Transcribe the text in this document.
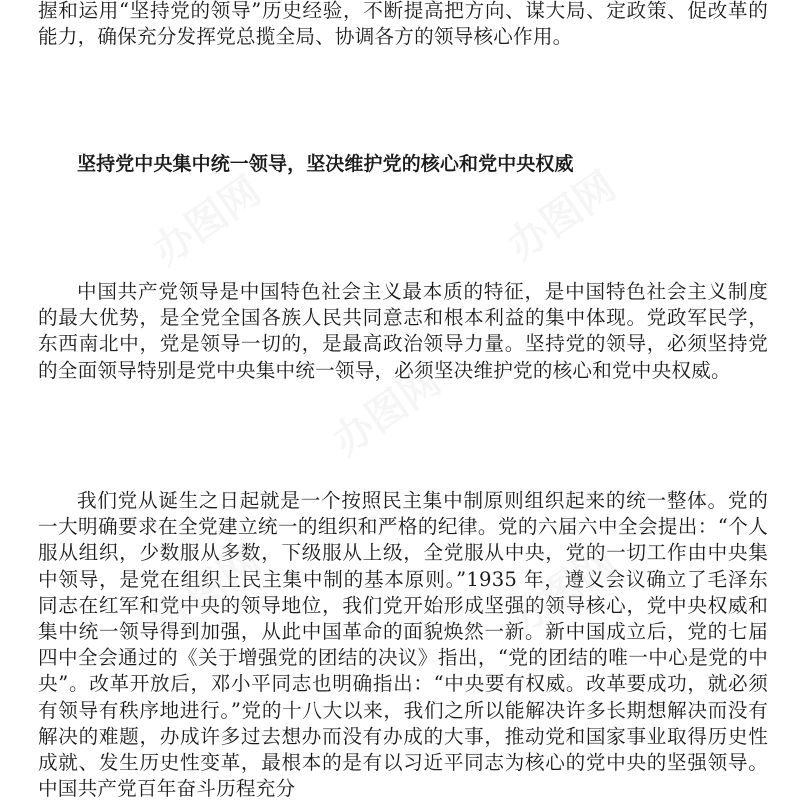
握和运用“坚持党的领导”历史经验，不断提高把方向、谋大局、定政策、促改革的能力，确保充分发挥党总揽全局、协调各方的领导核心作用。

坚持党中央集中统一领导，坚决维护党的核心和党中央权威

中国共产党领导是中国特色社会主义最本质的特征，是中国特色社会主义制度的最大优势，是全党全国各族人民共同意志和根本利益的集中体现。党政军民学，东西南北中，党是领导一切的，是最高政治领导力量。坚持党的领导，必须坚持党的全面领导特别是党中央集中统一领导，必须坚决维护党的核心和党中央权威。

我们党从诞生之日起就是一个按照民主集中制原则组织起来的统一整体。党的一大明确要求在全党建立统一的组织和严格的纪律。党的六届六中全会提出：“个人服从组织，少数服从多数，下级服从上级，全党服从中央，党的一切工作由中央集中领导，是党在组织上民主集中制的基本原则。”1935 年，遵义会议确立了毛泽东同志在红军和党中央的领导地位，我们党开始形成坚强的领导核心，党中央权威和集中统一领导得到加强，从此中国革命的面貌焕然一新。新中国成立后，党的七届四中全会通过的《关于增强党的团结的决议》指出，“党的团结的唯一中心是党的中央”。改革开放后，邓小平同志也明确指出：“中央要有权威。改革要成功，就必须有领导有秩序地进行。”党的十八大以来，我们之所以能解决许多长期想解决而没有解决的难题，办成许多过去想办而没有办成的大事，推动党和国家事业取得历史性成就、发生历史性变革，最根本的是有以习近平同志为核心的党中央的坚强领导。中国共产党百年奋斗历程充分

办图网	办图网
办图网	办图网
办图网
